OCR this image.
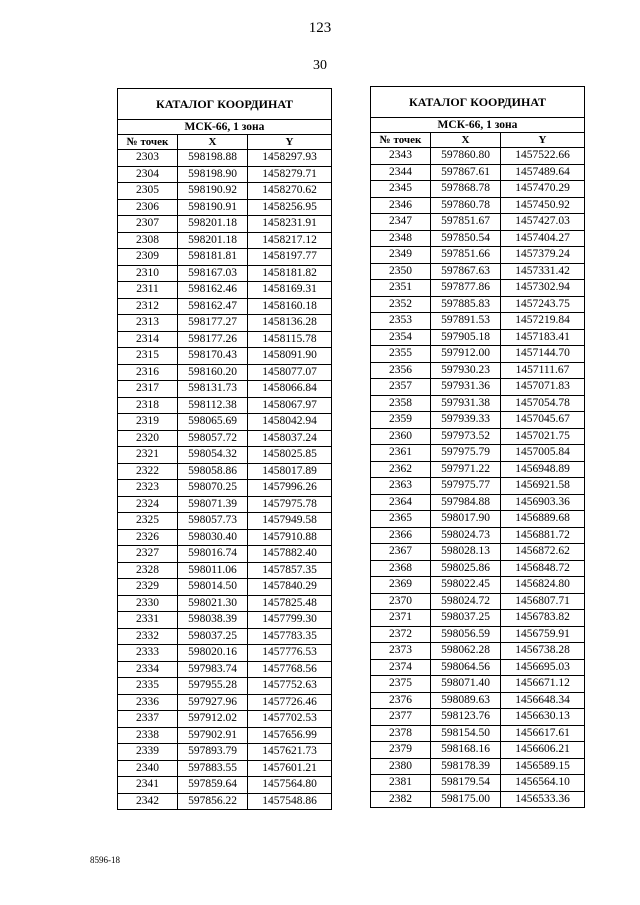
123
30
КАТАЛОГ КООРДИНАТ		
МСК-66, 1 зона		
№ точек	X	Y
2303	598198.88	1458297.93
2304	598198.90	1458279.71
2305	598190.92	1458270.62
2306	598190.91	1458256.95
2307	598201.18	1458231.91
2308	598201.18	1458217.12
2309	598181.81	1458197.77
2310	598167.03	1458181.82
2311	598162.46	1458169.31
2312	598162.47	1458160.18
2313	598177.27	1458136.28
2314	598177.26	1458115.78
2315	598170.43	1458091.90
2316	598160.20	1458077.07
2317	598131.73	1458066.84
2318	598112.38	1458067.97
2319	598065.69	1458042.94
2320	598057.72	1458037.24
2321	598054.32	1458025.85
2322	598058.86	1458017.89
2323	598070.25	1457996.26
2324	598071.39	1457975.78
2325	598057.73	1457949.58
2326	598030.40	1457910.88
2327	598016.74	1457882.40
2328	598011.06	1457857.35
2329	598014.50	1457840.29
2330	598021.30	1457825.48
2331	598038.39	1457799.30
2332	598037.25	1457783.35
2333	598020.16	1457776.53
2334	597983.74	1457768.56
2335	597955.28	1457752.63
2336	597927.96	1457726.46
2337	597912.02	1457702.53
2338	597902.91	1457656.99
2339	597893.79	1457621.73
2340	597883.55	1457601.21
2341	597859.64	1457564.80
2342	597856.22	1457548.86
КАТАЛОГ КООРДИНАТ		
МСК-66, 1 зона		
№ точек	X	Y
2343	597860.80	1457522.66
2344	597867.61	1457489.64
2345	597868.78	1457470.29
2346	597860.78	1457450.92
2347	597851.67	1457427.03
2348	597850.54	1457404.27
2349	597851.66	1457379.24
2350	597867.63	1457331.42
2351	597877.86	1457302.94
2352	597885.83	1457243.75
2353	597891.53	1457219.84
2354	597905.18	1457183.41
2355	597912.00	1457144.70
2356	597930.23	1457111.67
2357	597931.36	1457071.83
2358	597931.38	1457054.78
2359	597939.33	1457045.67
2360	597973.52	1457021.75
2361	597975.79	1457005.84
2362	597971.22	1456948.89
2363	597975.77	1456921.58
2364	597984.88	1456903.36
2365	598017.90	1456889.68
2366	598024.73	1456881.72
2367	598028.13	1456872.62
2368	598025.86	1456848.72
2369	598022.45	1456824.80
2370	598024.72	1456807.71
2371	598037.25	1456783.82
2372	598056.59	1456759.91
2373	598062.28	1456738.28
2374	598064.56	1456695.03
2375	598071.40	1456671.12
2376	598089.63	1456648.34
2377	598123.76	1456630.13
2378	598154.50	1456617.61
2379	598168.16	1456606.21
2380	598178.39	1456589.15
2381	598179.54	1456564.10
2382	598175.00	1456533.36
8596-18
